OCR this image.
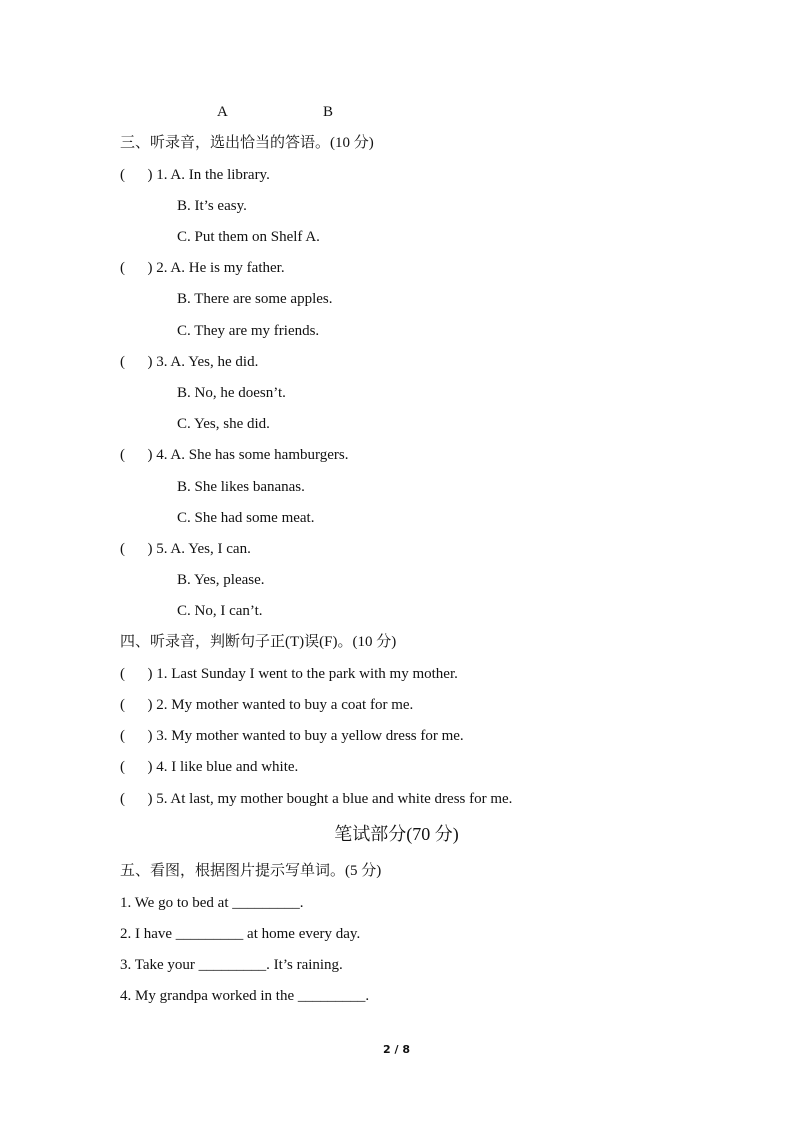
A	B
三、听录音，选出恰当的答语。(10 分)
(      ) 1. A. In the library.
B. It’s easy.
C. Put them on Shelf A.
(      ) 2. A. He is my father.
B. There are some apples.
C. They are my friends.
(      ) 3. A. Yes, he did.
B. No, he doesn’t.
C. Yes, she did.
(      ) 4. A. She has some hamburgers.
B. She likes bananas.
C. She had some meat.
(      ) 5. A. Yes, I can.
B. Yes, please.
C. No, I can’t.
四、听录音，判断句子正(T)误(F)。(10 分)
(      ) 1. Last Sunday I went to the park with my mother.
(      ) 2. My mother wanted to buy a coat for me.
(      ) 3. My mother wanted to buy a yellow dress for me.
(      ) 4. I like blue and white.
(      ) 5. At last, my mother bought a blue and white dress for me.
笔试部分(70 分)
五、看图，根据图片提示写单词。(5 分)
1. We go to bed at _________.
2. I have _________ at home every day.
3. Take your _________. It’s raining.
4. My grandpa worked in the _________.
2 / 8
